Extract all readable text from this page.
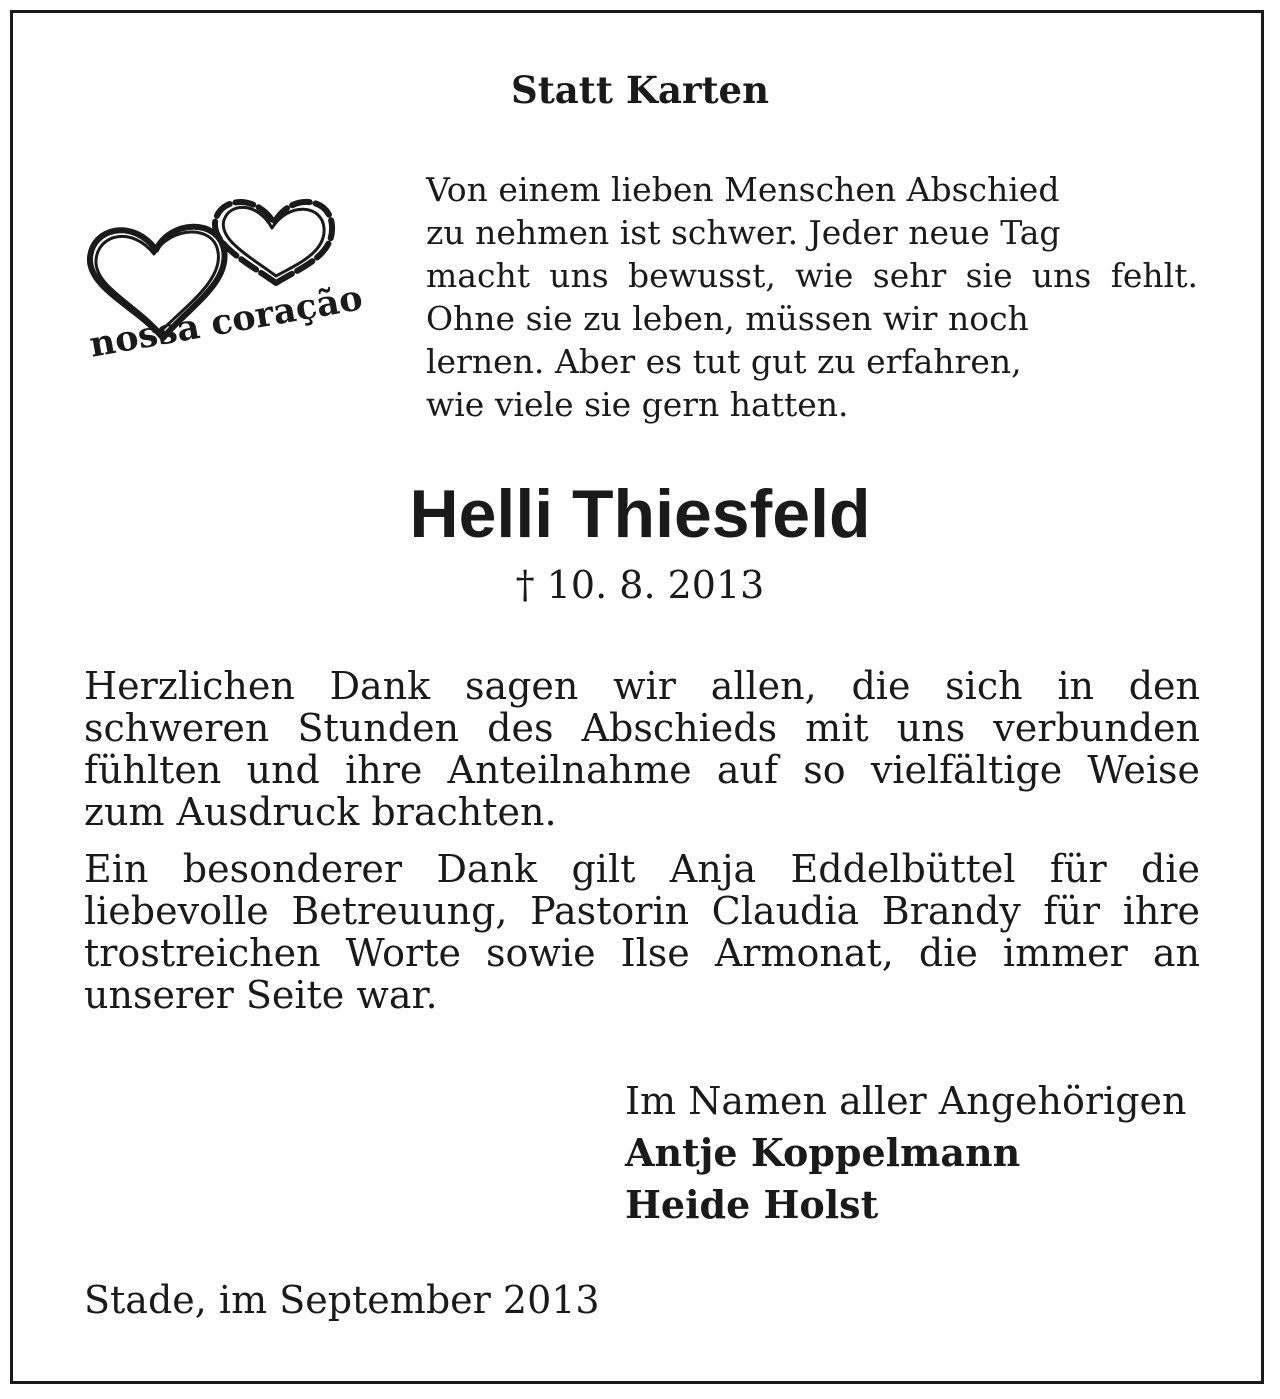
Statt Karten
nossa coração
Von einem lieben Menschen Abschied
zu nehmen ist schwer. Jeder neue Tag
macht uns bewusst, wie sehr sie uns fehlt.
Ohne sie zu leben, müssen wir noch
lernen. Aber es tut gut zu erfahren,
wie viele sie gern hatten.
Helli Thiesfeld
† 10. 8. 2013
Herzlichen Dank sagen wir allen, die sich in den schweren Stunden des Abschieds mit uns verbunden fühlten und ihre Anteilnahme auf so vielfältige Weise zum Ausdruck brachten.
Ein besonderer Dank gilt Anja Eddelbüttel für die liebevolle Betreuung, Pastorin Claudia Brandy für ihre trostreichen Worte sowie Ilse Armonat, die immer an unserer Seite war.
Im Namen aller Angehörigen
Antje Koppelmann
Heide Holst
Stade, im September 2013
